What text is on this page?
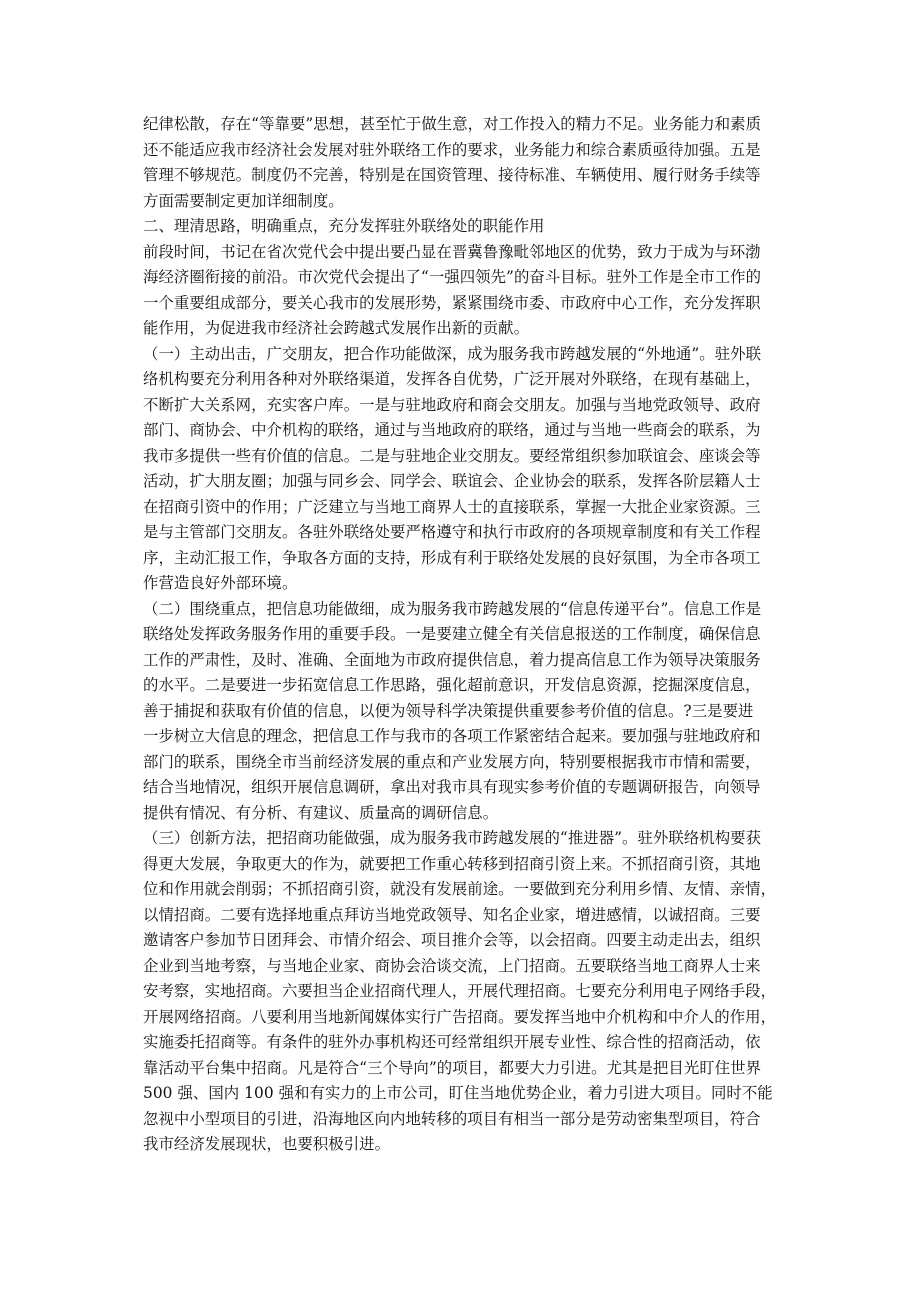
纪律松散，存在“等靠要”思想，甚至忙于做生意，对工作投入的精力不足。业务能力和素质
还不能适应我市经济社会发展对驻外联络工作的要求，业务能力和综合素质亟待加强。五是
管理不够规范。制度仍不完善，特别是在国资管理、接待标准、车辆使用、履行财务手续等
方面需要制定更加详细制度。
二、理清思路，明确重点，充分发挥驻外联络处的职能作用
前段时间，书记在省次党代会中提出要凸显在晋冀鲁豫毗邻地区的优势，致力于成为与环渤
海经济圈衔接的前沿。市次党代会提出了“一强四领先”的奋斗目标。驻外工作是全市工作的
一个重要组成部分，要关心我市的发展形势，紧紧围绕市委、市政府中心工作，充分发挥职
能作用，为促进我市经济社会跨越式发展作出新的贡献。
（一）主动出击，广交朋友，把合作功能做深，成为服务我市跨越发展的“外地通”。驻外联
络机构要充分利用各种对外联络渠道，发挥各自优势，广泛开展对外联络，在现有基础上，
不断扩大关系网，充实客户库。一是与驻地政府和商会交朋友。加强与当地党政领导、政府
部门、商协会、中介机构的联络，通过与当地政府的联络，通过与当地一些商会的联系，为
我市多提供一些有价值的信息。二是与驻地企业交朋友。要经常组织参加联谊会、座谈会等
活动，扩大朋友圈；加强与同乡会、同学会、联谊会、企业协会的联系，发挥各阶层籍人士
在招商引资中的作用；广泛建立与当地工商界人士的直接联系，掌握一大批企业家资源。三
是与主管部门交朋友。各驻外联络处要严格遵守和执行市政府的各项规章制度和有关工作程
序，主动汇报工作，争取各方面的支持，形成有利于联络处发展的良好氛围，为全市各项工
作营造良好外部环境。
（二）围绕重点，把信息功能做细，成为服务我市跨越发展的“信息传递平台”。信息工作是
联络处发挥政务服务作用的重要手段。一是要建立健全有关信息报送的工作制度，确保信息
工作的严肃性，及时、准确、全面地为市政府提供信息，着力提高信息工作为领导决策服务
的水平。二是要进一步拓宽信息工作思路，强化超前意识，开发信息资源，挖掘深度信息，
善于捕捉和获取有价值的信息，以便为领导科学决策提供重要参考价值的信息。?三是要进
一步树立大信息的理念，把信息工作与我市的各项工作紧密结合起来。要加强与驻地政府和
部门的联系，围绕全市当前经济发展的重点和产业发展方向，特别要根据我市市情和需要，
结合当地情况，组织开展信息调研，拿出对我市具有现实参考价值的专题调研报告，向领导
提供有情况、有分析、有建议、质量高的调研信息。
（三）创新方法，把招商功能做强，成为服务我市跨越发展的“推进器”。驻外联络机构要获
得更大发展，争取更大的作为，就要把工作重心转移到招商引资上来。不抓招商引资，其地
位和作用就会削弱；不抓招商引资，就没有发展前途。一要做到充分利用乡情、友情、亲情，
以情招商。二要有选择地重点拜访当地党政领导、知名企业家，增进感情，以诚招商。三要
邀请客户参加节日团拜会、市情介绍会、项目推介会等，以会招商。四要主动走出去，组织
企业到当地考察，与当地企业家、商协会洽谈交流，上门招商。五要联络当地工商界人士来
安考察，实地招商。六要担当企业招商代理人，开展代理招商。七要充分利用电子网络手段，
开展网络招商。八要利用当地新闻媒体实行广告招商。要发挥当地中介机构和中介人的作用，
实施委托招商等。有条件的驻外办事机构还可经常组织开展专业性、综合性的招商活动，依
靠活动平台集中招商。凡是符合“三个导向”的项目，都要大力引进。尤其是把目光盯住世界
500 强、国内 100 强和有实力的上市公司，盯住当地优势企业，着力引进大项目。同时不能
忽视中小型项目的引进，沿海地区向内地转移的项目有相当一部分是劳动密集型项目，符合
我市经济发展现状，也要积极引进。
